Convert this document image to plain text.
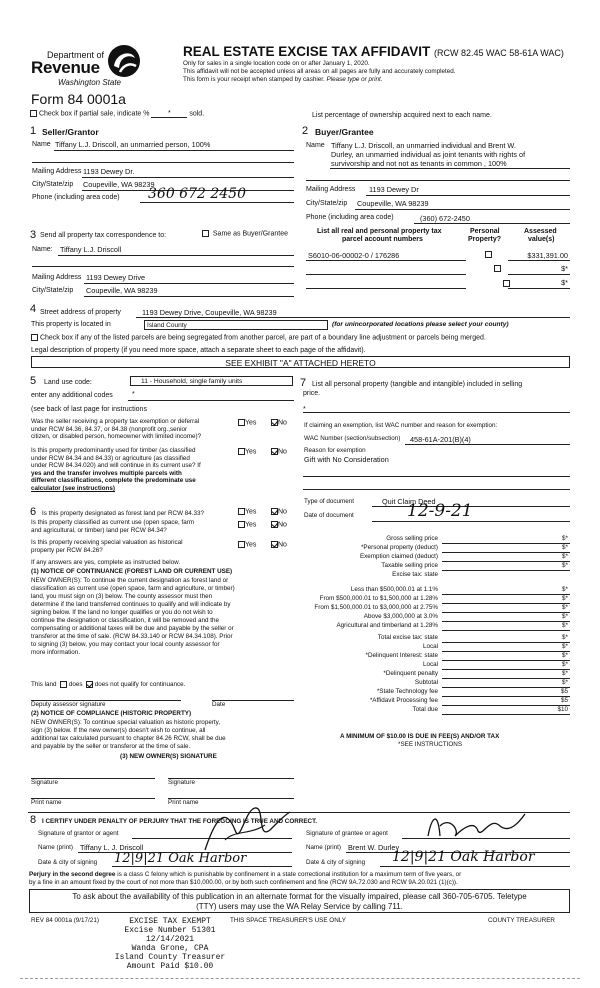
Department of
Revenue
Washington State
Form 84 0001a
REAL ESTATE EXCISE TAX AFFIDAVIT (RCW 82.45 WAC 58-61A WAC)
Only for sales in a single location code on or after January 1, 2020.
This affidavit will not be accepted unless all areas on all pages are fully and accurately completed.
This form is your receipt when stamped by cashier. Please type or print.
Check box if partial sale, indicate %	*	sold.	List percentage of ownership acquired next to each name.
1 Seller/Grantor
Name Tiffany L.J. Driscoll, an unmarried person, 100%
Mailing Address 1193 Dewey Dr.
City/State/zip Coupeville, WA 98239
Phone (including area code) 360 672 2450
2 Buyer/Grantee
Name Tiffany L.J. Driscoll, an unmarried individual and Brent W.
Durley, an unmarried individual as joint tenants with rights of
survivorship and not not as tenants in common , 100%
Mailing Address 1193 Dewey Dr
City/State/zip Coupeville, WA 98239
Phone (including area code)	(360) 672-2450
3 Send all property tax correspondence to:	Same as Buyer/Grantee
Name: Tiffany L.J. Driscoll
Mailing Address 1193 Dewey Drive
City/State/zip Coupeville, WA 98239
List all real and personal property tax
parcel account numbers
Personal
Property?
Assessed
value(s)
S6010-06-00002-0 / 176286
	$331,391.00

$*
$*
4 Street address of property	1193 Dewey Drive, Coupeville, WA 98239
This property is located in	Island County	(for unincorporated locations please select your county)
Check box if any of the listed parcels are being segregated from another parcel, are part of a boundary line adjustment or parcels being merged.
Legal description of property (if you need more space, attach a separate sheet to each page of the affidavit).
SEE EXHIBIT "A" ATTACHED HERETO
5 Land use code:	11 - Household, single family units
enter any additional codes	*
(see back of last page for instructions
Was the seller receiving a property tax exemption or deferral
under RCW 84.36, 84.37, or 84.38 (nonprofit org.,senior
citizen, or disabled person, homeowner with limited income)?
Yes	No
Is this property predominantly used for timber (as classified
under RCW 84.34 and 84.33) or agriculture (as classified
under RCW 84.34.020) and will continue in its current use? If
yes and the transfer involves multiple parcels with
different classifications, complete the predominate use
calculator (see instructions)
Yes	No
6 Is this property designated as forest land per RCW 84.33?	Yes	No
Is this property classified as current use (open space, farm
and agricultural, or timber) land per RCW 84.34?
Yes	No
Is this property receiving special valuation as historical
property per RCW 84.26?
Yes	No
If any answers are yes, complete as instructed below.
(1) NOTICE OF CONTINUANCE (FOREST LAND OR CURRENT USE)
NEW OWNER(S): To continue the current designation as forest land or
classification as current use (open space, farm and agriculture, or timber)
land, you must sign on (3) below. The county assessor must then
determine if the land transferred continues to qualify and will indicate by
signing below. If the land no longer qualifies or you do not wish to
continue the designation or classification, it will be removed and the
compensating or additional taxes will be due and payable by the seller or
transferor at the time of sale. (RCW 84.33.140 or RCW 84.34.108). Prior
to signing (3) below, you may contact your local county assessor for
more information.
This land does does not qualify for continuance.
Deputy assessor signature	Date
(2) NOTICE OF COMPLIANCE (HISTORIC PROPERTY)
NEW OWNER(S): To continue special valuation as historic property,
sign (3) below. If the new owner(s) doesn't wish to continue, all
additional tax calculated pursuant to chapter 84.26 RCW, shall be due
and payable by the seller or transferor at the time of sale.
(3) NEW OWNER(S) SIGNATURE
Signature	Signature
Print name	Print name
7 List all personal property (tangible and intangible) included in selling
price.
*
If claiming an exemption, list WAC number and reason for exemption:
WAC Number (section/subsection) 458-61A-201(B)(4)
Reason for exemption
Gift with No Consideration
Type of document	Quit Claim Deed
Date of document	12-9-21
Gross selling price	$*
*Personal property (deduct)	$*
Exemption claimed (deduct)	$*
Taxable selling price	$*
Excise tax: state
Less than $500,000.01 at 1.1%	$*
From $500,000.01 to $1,500,000 at 1.28%	$*
From $1,500,000.01 to $3,000,000 at 2.75%	$*
Above $3,000,000 at 3.0%	$*
Agricultural and timberland at 1.28%	$*
Total excise tax: state	$*
Local	$*
*Delinquent Interest: state	$*
Local	$*
*Delinquent penalty	$*
Subtotal	$*
*State Technology fee	$5
*Affidavit Processing fee	$5
Total due	$10
A MINIMUM OF $10.00 IS DUE IN FEE(S) AND/OR TAX
*SEE INSTRUCTIONS
8 I CERTIFY UNDER PENALTY OF PERJURY THAT THE FOREGOING IS TRUE AND CORRECT.
Signature of grantor or agent
Name (print) Tiffany L. J. Driscoll
Date & city of signing 12|9|21 Oak Harbor
Signature of grantee or agent
Name (print) Brent W. Durley
Date & city of signing 12|9|21 Oak Harbor
Perjury in the second degree is a class C felony which is punishable by confinement in a state correctional institution for a maximum term of five years, or
by a fine in an amount fixed by the court of not more than $10,000.00, or by both such confinement and fine (RCW 9A.72.030 and RCW 9A.20.021 (1)(c)).
To ask about the availability of this publication in an alternate format for the visually impaired, please call 360-705-6705. Teletype
(TTY) users may use the WA Relay Service by calling 711.
REV 84 0001a (9/17/21)	THIS SPACE TREASURER'S USE ONLY	COUNTY TREASURER
EXCISE TAX EXEMPT
Excise Number 51301
12/14/2021
Wanda Grone, CPA
Island County Treasurer
Amount Paid $10.00
